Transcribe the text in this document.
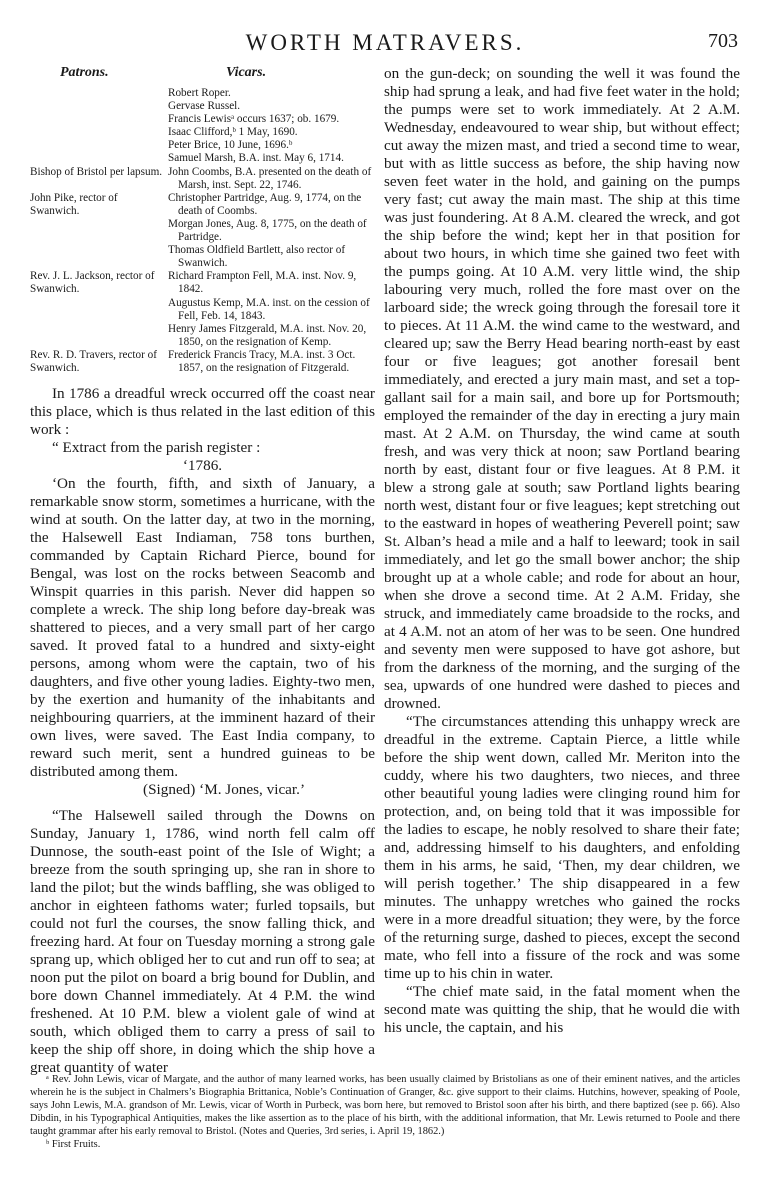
WORTH MATRAVERS.	703
Patrons.	Vicars.
Robert Roper.
Gervase Russel.
Francis Lewisᵃ occurs 1637; ob. 1679.
Isaac Clifford,ᵇ 1 May, 1690.
Peter Brice, 10 June, 1696.ᵇ
Samuel Marsh, B.A. inst. May 6, 1714.
Bishop of Bristol per lapsum. John Coombs, B.A. presented on the death of Marsh, inst. Sept. 22, 1746.
John Pike, rector of Swanwich.
Christopher Partridge, Aug. 9, 1774, on the death of Coombs.
Morgan Jones, Aug. 8, 1775, on the death of Partridge.
Thomas Oldfield Bartlett, also rector of Swanwich.
Rev. J. L. Jackson, rector of Swanwich.
Richard Frampton Fell, M.A. inst. Nov. 9, 1842.
Augustus Kemp, M.A. inst. on the cession of Fell, Feb. 14, 1843.
Henry James Fitzgerald, M.A. inst. Nov. 20, 1850, on the resignation of Kemp.
Rev. R. D. Travers, rector of Swanwich.
Frederick Francis Tracy, M.A. inst. 3 Oct. 1857, on the resignation of Fitzgerald.

In 1786 a dreadful wreck occurred off the coast near this place, which is thus related in the last edition of this work :

“ Extract from the parish register :

‘1786.

‘On the fourth, fifth, and sixth of January, a remarkable snow storm, sometimes a hurricane, with the wind at south. On the latter day, at two in the morning, the Halsewell East Indiaman, 758 tons burthen, commanded by Captain Richard Pierce, bound for Bengal, was lost on the rocks between Seacomb and Winspit quarries in this parish. Never did happen so complete a wreck. The ship long before day-break was shattered to pieces, and a very small part of her cargo saved. It proved fatal to a hundred and sixty-eight persons, among whom were the captain, two of his daughters, and five other young ladies. Eighty-two men, by the exertion and humanity of the inhabitants and neighbouring quarriers, at the imminent hazard of their own lives, were saved. The East India company, to reward such merit, sent a hundred guineas to be distributed among them.

(Signed) ‘M. Jones, vicar.’

“The Halsewell sailed through the Downs on Sunday, January 1, 1786, wind north fell calm off Dunnose, the south-east point of the Isle of Wight; a breeze from the south springing up, she ran in shore to land the pilot; but the winds baffling, she was obliged to anchor in eighteen fathoms water; furled topsails, but could not furl the courses, the snow falling thick, and freezing hard. At four on Tuesday morning a strong gale sprang up, which obliged her to cut and run off to sea; at noon put the pilot on board a brig bound for Dublin, and bore down Channel immediately. At 4 P.M. the wind freshened. At 10 P.M. blew a violent gale of wind at south, which obliged them to carry a press of sail to keep the ship off shore, in doing which the ship hove a great quantity of water

on the gun-deck; on sounding the well it was found the ship had sprung a leak, and had five feet water in the hold; the pumps were set to work immediately. At 2 A.M. Wednesday, endeavoured to wear ship, but without effect; cut away the mizen mast, and tried a second time to wear, but with as little success as before, the ship having now seven feet water in the hold, and gaining on the pumps very fast; cut away the main mast. The ship at this time was just foundering. At 8 A.M. cleared the wreck, and got the ship before the wind; kept her in that position for about two hours, in which time she gained two feet with the pumps going. At 10 A.M. very little wind, the ship labouring very much, rolled the fore mast over on the larboard side; the wreck going through the foresail tore it to pieces. At 11 A.M. the wind came to the westward, and cleared up; saw the Berry Head bearing north-east by east four or five leagues; got another foresail bent immediately, and erected a jury main mast, and set a top-gallant sail for a main sail, and bore up for Portsmouth; employed the remainder of the day in erecting a jury main mast. At 2 A.M. on Thursday, the wind came at south fresh, and was very thick at noon; saw Portland bearing north by east, distant four or five leagues. At 8 P.M. it blew a strong gale at south; saw Portland lights bearing north west, distant four or five leagues; kept stretching out to the eastward in hopes of weathering Peverell point; saw St. Alban’s head a mile and a half to leeward; took in sail immediately, and let go the small bower anchor; the ship brought up at a whole cable; and rode for about an hour, when she drove a second time. At 2 A.M. Friday, she struck, and immediately came broadside to the rocks, and at 4 A.M. not an atom of her was to be seen. One hundred and seventy men were supposed to have got ashore, but from the darkness of the morning, and the surging of the sea, upwards of one hundred were dashed to pieces and drowned.

“The circumstances attending this unhappy wreck are dreadful in the extreme. Captain Pierce, a little while before the ship went down, called Mr. Meriton into the cuddy, where his two daughters, two nieces, and three other beautiful young ladies were clinging round him for protection, and, on being told that it was impossible for the ladies to escape, he nobly resolved to share their fate; and, addressing himself to his daughters, and enfolding them in his arms, he said, ‘Then, my dear children, we will perish together.’ The ship disappeared in a few minutes. The unhappy wretches who gained the rocks were in a more dreadful situation; they were, by the force of the returning surge, dashed to pieces, except the second mate, who fell into a fissure of the rock and was some time up to his chin in water.

“The chief mate said, in the fatal moment when the second mate was quitting the ship, that he would die with his uncle, the captain, and his

ᵃ Rev. John Lewis, vicar of Margate, and the author of many learned works, has been usually claimed by Bristolians as one of their eminent natives, and the articles wherein he is the subject in Chalmers’s Biographia Brittanica, Noble’s Continuation of Granger, &c. give support to their claims. Hutchins, however, speaking of Poole, says John Lewis, M.A. grandson of Mr. Lewis, vicar of Worth in Purbeck, was born here, but removed to Bristol soon after his birth, and there baptized (see p. 66). Also Dibdin, in his Typographical Antiquities, makes the like assertion as to the place of his birth, with the additional information, that Mr. Lewis returned to Poole and there taught grammar after his early removal to Bristol. (Notes and Queries, 3rd series, i. April 19, 1862.)

ᵇ First Fruits.
